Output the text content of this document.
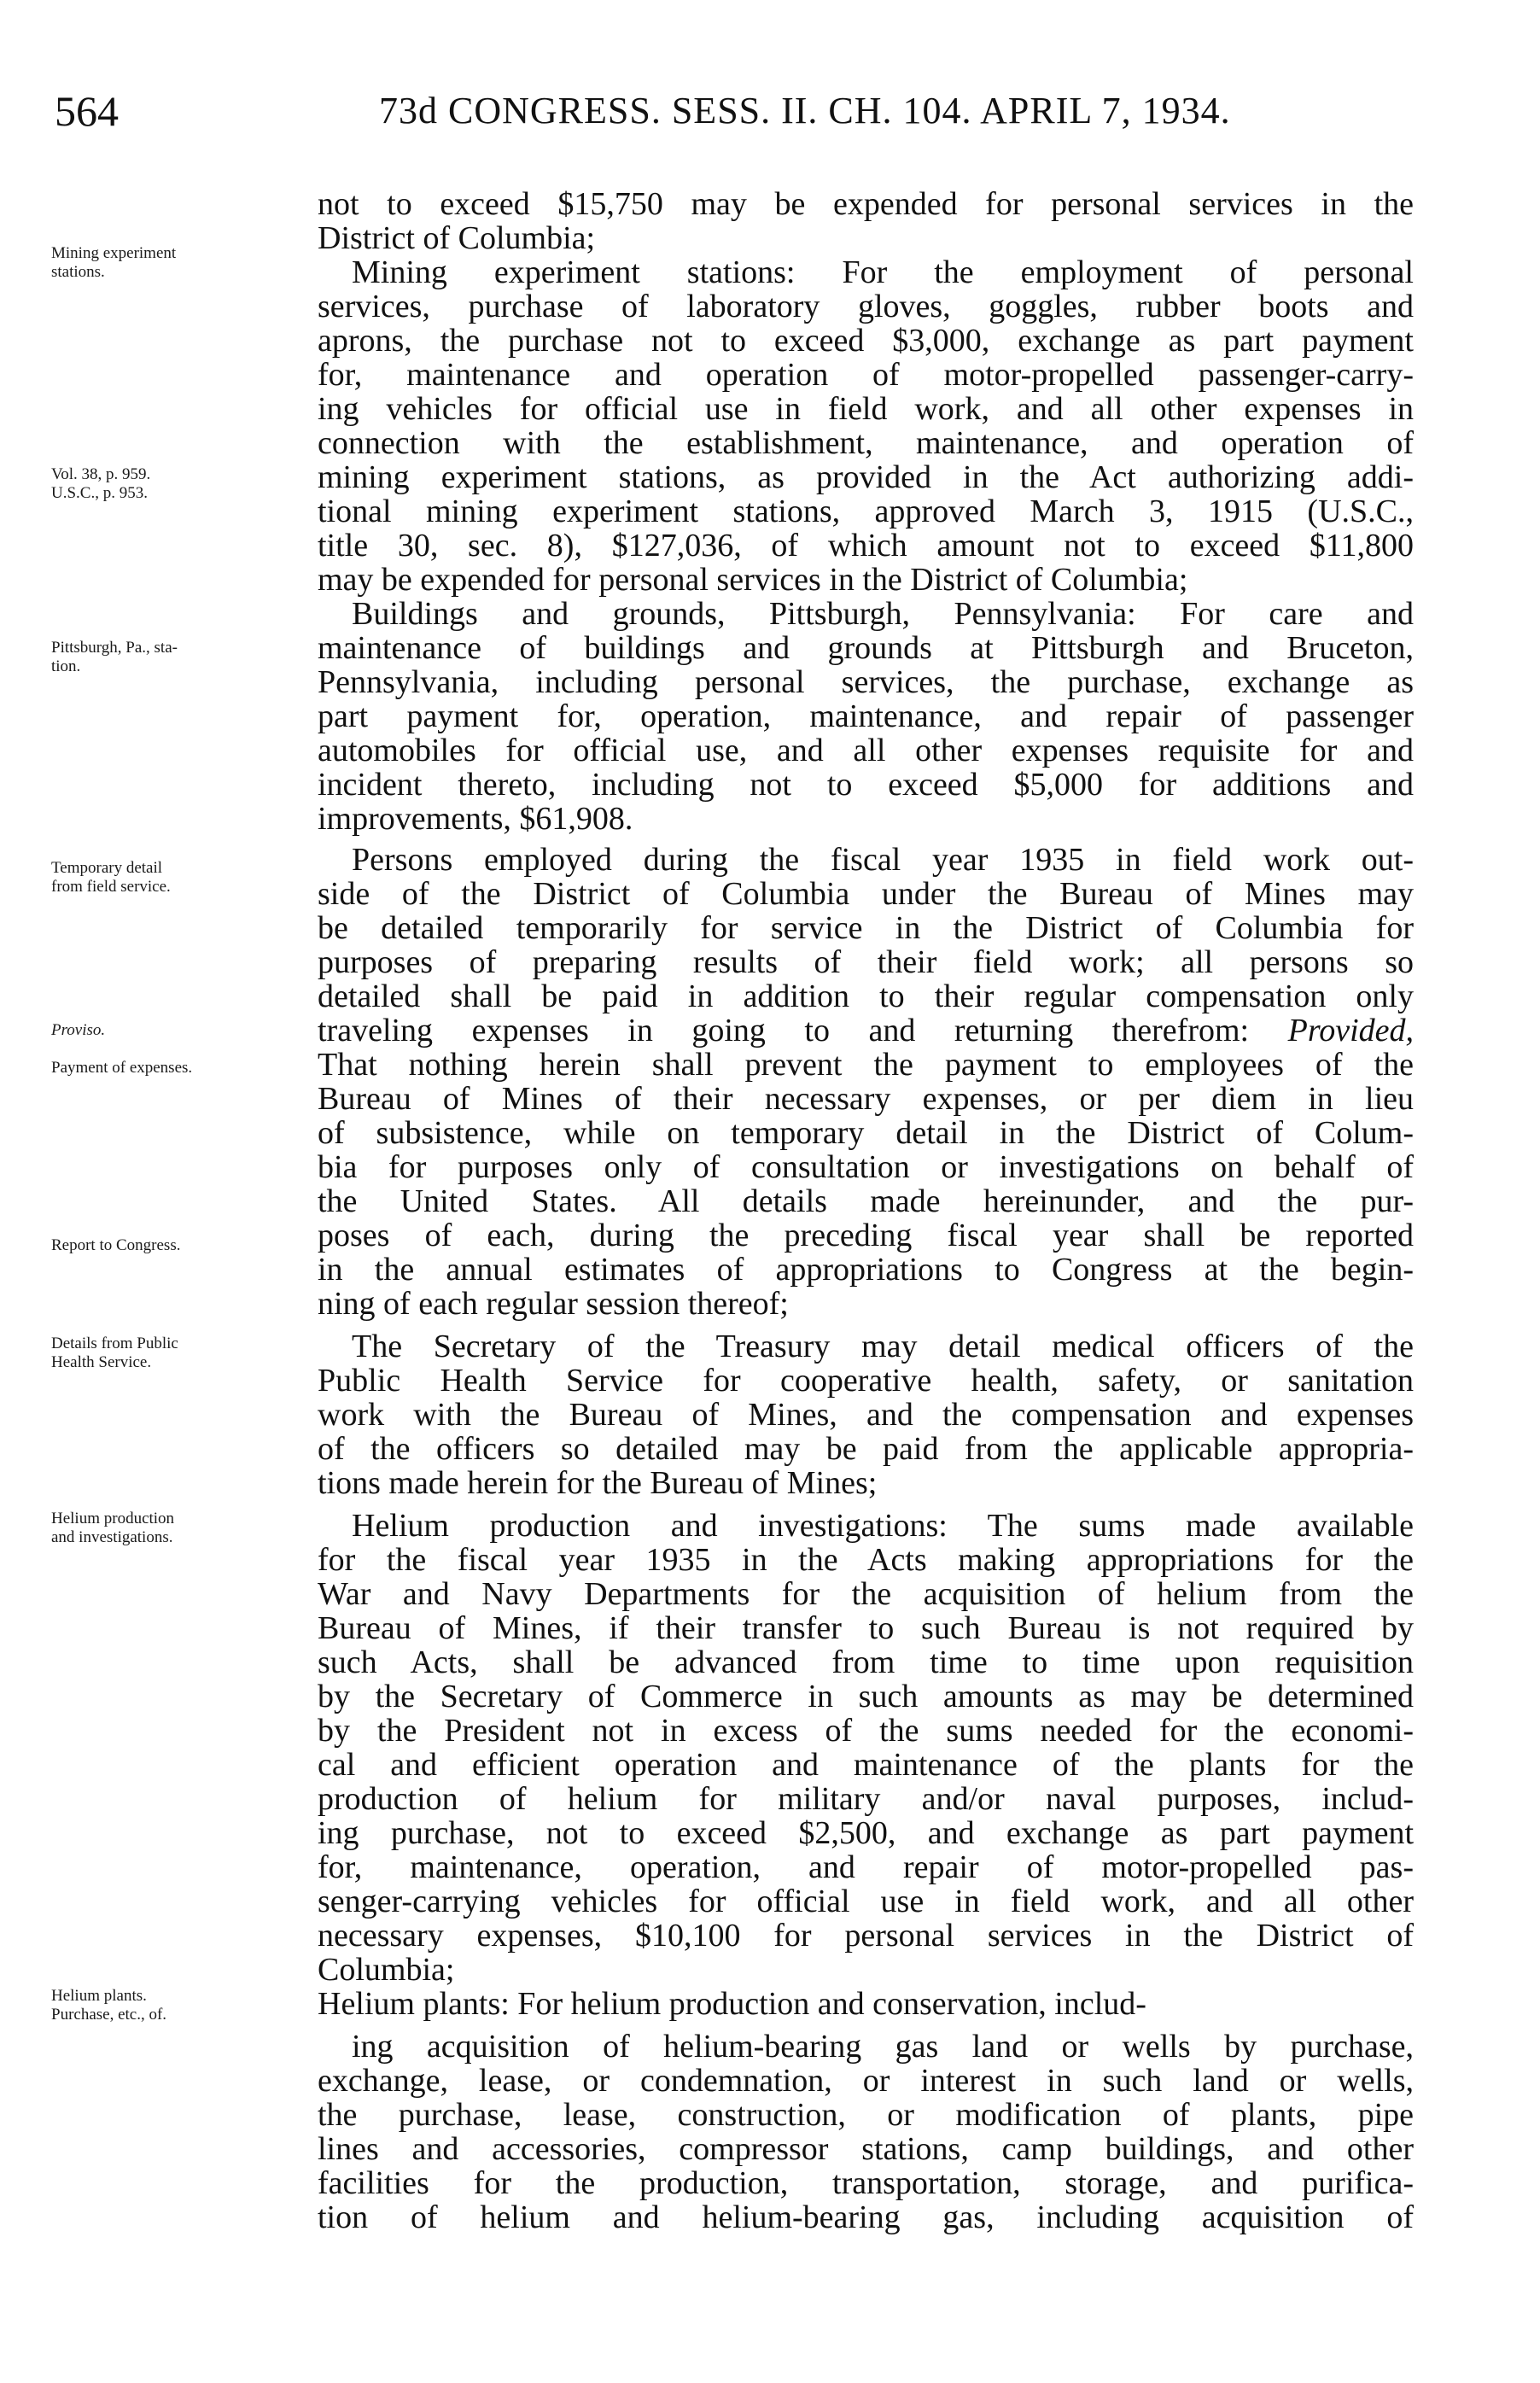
564	73d CONGRESS. SESS. II. CH. 104. APRIL 7, 1934.
Mining experiment
stations.
Vol. 38, p. 959.
U.S.C., p. 953.
Pittsburgh, Pa., sta-
tion.
Temporary detail
from field service.

Proviso.

Payment of expenses.

Report to Congress.
Details from Public
Health Service.
Helium production
and investigations.
Helium plants.
Purchase, etc., of.
not to exceed $15,750 may be expended for personal services in the
District of Columbia;
Mining experiment stations: For the employment of personal
services, purchase of laboratory gloves, goggles, rubber boots and
aprons, the purchase not to exceed $3,000, exchange as part payment
for, maintenance and operation of motor-propelled passenger-carry-
ing vehicles for official use in field work, and all other expenses in
connection with the establishment, maintenance, and operation of
mining experiment stations, as provided in the Act authorizing addi-
tional mining experiment stations, approved March 3, 1915 (U.S.C.,
title 30, sec. 8), $127,036, of which amount not to exceed $11,800
may be expended for personal services in the District of Columbia;
Buildings and grounds, Pittsburgh, Pennsylvania: For care and
maintenance of buildings and grounds at Pittsburgh and Bruceton,
Pennsylvania, including personal services, the purchase, exchange as
part payment for, operation, maintenance, and repair of passenger
automobiles for official use, and all other expenses requisite for and
incident thereto, including not to exceed $5,000 for additions and
improvements, $61,908.
Persons employed during the fiscal year 1935 in field work out-
side of the District of Columbia under the Bureau of Mines may
be detailed temporarily for service in the District of Columbia for
purposes of preparing results of their field work; all persons so
detailed shall be paid in addition to their regular compensation only
traveling expenses in going to and returning therefrom: Provided,
That nothing herein shall prevent the payment to employees of the
Bureau of Mines of their necessary expenses, or per diem in lieu
of subsistence, while on temporary detail in the District of Colum-
bia for purposes only of consultation or investigations on behalf of
the United States. All details made hereinunder, and the pur-
poses of each, during the preceding fiscal year shall be reported
in the annual estimates of appropriations to Congress at the begin-
ning of each regular session thereof;
The Secretary of the Treasury may detail medical officers of the
Public Health Service for cooperative health, safety, or sanitation
work with the Bureau of Mines, and the compensation and expenses
of the officers so detailed may be paid from the applicable appropria-
tions made herein for the Bureau of Mines;
Helium production and investigations: The sums made available
for the fiscal year 1935 in the Acts making appropriations for the
War and Navy Departments for the acquisition of helium from the
Bureau of Mines, if their transfer to such Bureau is not required by
such Acts, shall be advanced from time to time upon requisition
by the Secretary of Commerce in such amounts as may be determined
by the President not in excess of the sums needed for the economi-
cal and efficient operation and maintenance of the plants for the
production of helium for military and/or naval purposes, includ-
ing purchase, not to exceed $2,500, and exchange as part payment
for, maintenance, operation, and repair of motor-propelled pas-
senger-carrying vehicles for official use in field work, and all other
necessary expenses, $10,100 for personal services in the District of
Columbia;
Helium plants: For helium production and conservation, includ-
ing acquisition of helium-bearing gas land or wells by purchase,
exchange, lease, or condemnation, or interest in such land or wells,
the purchase, lease, construction, or modification of plants, pipe
lines and accessories, compressor stations, camp buildings, and other
facilities for the production, transportation, storage, and purifica-
tion of helium and helium-bearing gas, including acquisition of
